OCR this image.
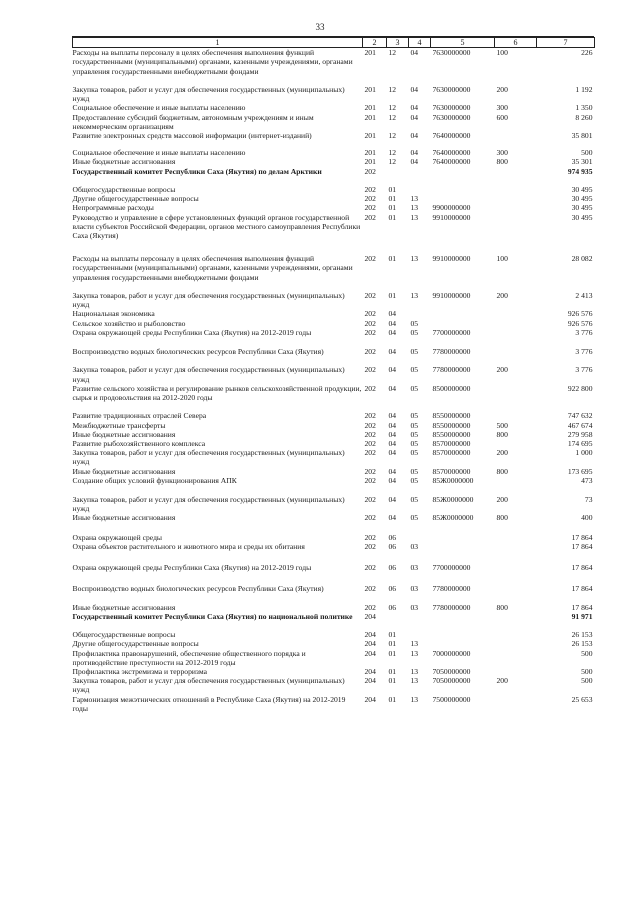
33
1	2	3	4	5	6	7
Расходы на выплаты персоналу в целях обеспечения выполнения функций государственными (муниципальными) органами, казенными учреждениями, органами управления государственными внебюджетными фондами	201	12	04	7630000000	100	226
Закупка товаров, работ и услуг для обеспечения государственных (муниципальных) нужд	201	12	04	7630000000	200	1 192
Социальное обеспечение и иные выплаты населению	201	12	04	7630000000	300	1 350
Предоставление субсидий бюджетным, автономным учреждениям и иным некоммерческим организациям	201	12	04	7630000000	600	8 260
Развитие электронных средств массовой информации (интернет-изданий)	201	12	04	7640000000		35 801
Социальное обеспечение и иные выплаты населению	201	12	04	7640000000	300	500
Иные бюджетные ассигнования	201	12	04	7640000000	800	35 301
Государственный комитет Республики Саха (Якутия) по делам Арктики	202					974 935
Общегосударственные вопросы	202	01				30 495
Другие общегосударственные вопросы	202	01	13			30 495
Непрограммные расходы	202	01	13	9900000000		30 495
Руководство и управление в сфере установленных функций органов государственной власти субъектов Российской Федерации, органов местного самоуправления Республики Саха (Якутия)	202	01	13	9910000000		30 495
Расходы на выплаты персоналу в целях обеспечения выполнения функций государственными (муниципальными) органами, казенными учреждениями, органами управления государственными внебюджетными фондами	202	01	13	9910000000	100	28 082
Закупка товаров, работ и услуг для обеспечения государственных (муниципальных) нужд	202	01	13	9910000000	200	2 413
Национальная экономика	202	04				926 576
Сельское хозяйство и рыболовство	202	04	05			926 576
Охрана окружающей среды Республики Саха (Якутия) на 2012-2019 годы	202	04	05	7700000000		3 776
Воспроизводство водных биологических ресурсов Республики Саха (Якутия)	202	04	05	7780000000		3 776
Закупка товаров, работ и услуг для обеспечения государственных (муниципальных) нужд	202	04	05	7780000000	200	3 776
Развитие сельского хозяйства и регулирование рынков сельскохозяйственной продукции, сырья и продовольствия на 2012-2020 годы	202	04	05	8500000000		922 800
Развитие традиционных отраслей Севера	202	04	05	8550000000		747 632
Межбюджетные трансферты	202	04	05	8550000000	500	467 674
Иные бюджетные ассигнования	202	04	05	8550000000	800	279 958
Развитие рыбохозяйственного комплекса	202	04	05	8570000000		174 695
Закупка товаров, работ и услуг для обеспечения государственных (муниципальных) нужд	202	04	05	8570000000	200	1 000
Иные бюджетные ассигнования	202	04	05	8570000000	800	173 695
Создание общих условий функционирования АПК	202	04	05	85Ж0000000		473
Закупка товаров, работ и услуг для обеспечения государственных (муниципальных) нужд	202	04	05	85Ж0000000	200	73
Иные бюджетные ассигнования	202	04	05	85Ж0000000	800	400
Охрана окружающей среды	202	06				17 864
Охрана объектов растительного и животного мира и среды их обитания	202	06	03			17 864
Охрана окружающей среды Республики Саха (Якутия) на 2012-2019 годы	202	06	03	7700000000		17 864
Воспроизводство водных биологических ресурсов Республики Саха (Якутия)	202	06	03	7780000000		17 864
Иные бюджетные ассигнования	202	06	03	7780000000	800	17 864
Государственный комитет Республики Саха (Якутия) по национальной политике	204					91 971
Общегосударственные вопросы	204	01				26 153
Другие общегосударственные вопросы	204	01	13			26 153
Профилактика правонарушений, обеспечение общественного порядка и противодействие преступности на 2012-2019 годы	204	01	13	7000000000		500
Профилактика экстремизма и терроризма	204	01	13	7050000000		500
Закупка товаров, работ и услуг для обеспечения государственных (муниципальных) нужд	204	01	13	7050000000	200	500
Гармонизация межэтнических отношений в Республике Саха (Якутия) на 2012-2019 годы	204	01	13	7500000000		25 653
